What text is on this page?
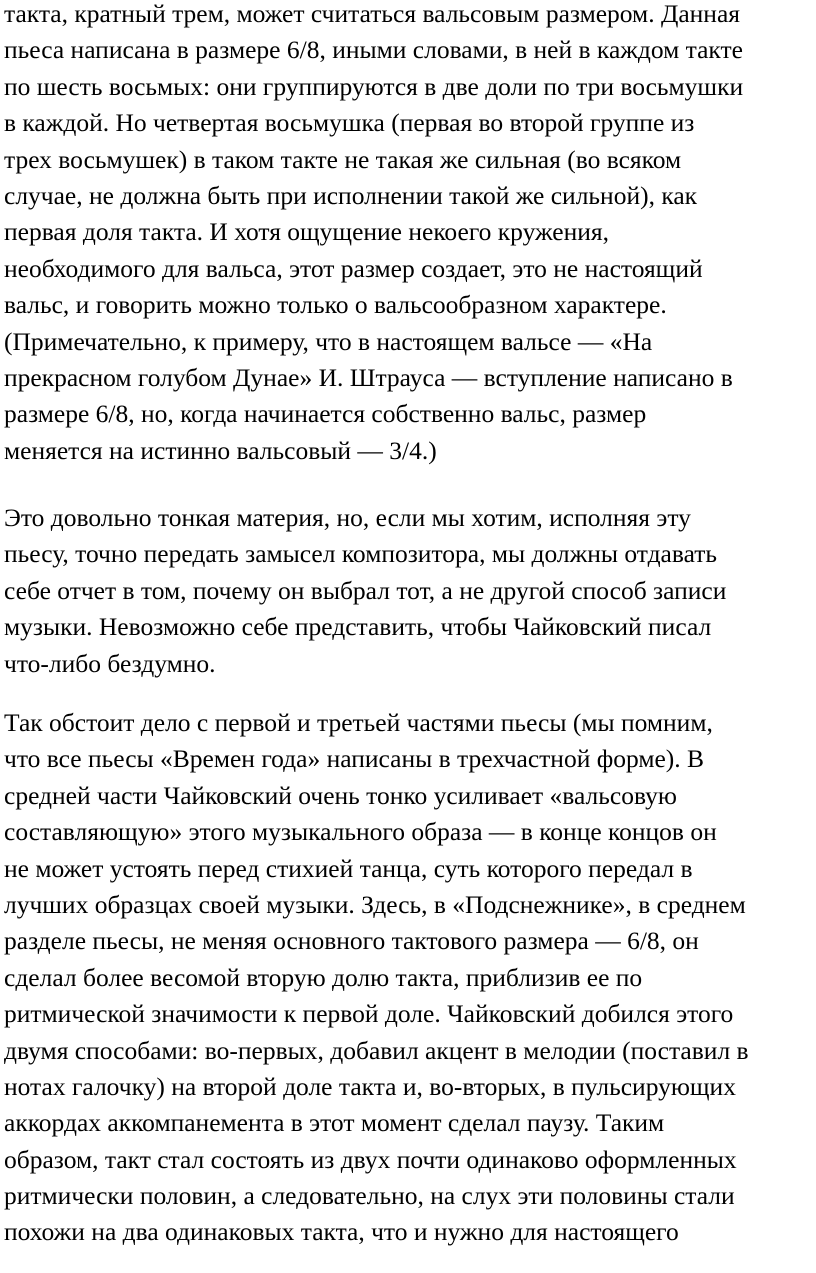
такта, кратный трем, может считаться вальсовым размером. Данная
пьеса написана в размере 6/8, иными словами, в ней в каждом такте
по шесть восьмых: они группируются в две доли по три восьмушки
в каждой. Но четвертая восьмушка (первая во второй группе из
трех восьмушек) в таком такте не такая же сильная (во всяком
случае, не должна быть при исполнении такой же сильной), как
первая доля такта. И хотя ощущение некоего кружения,
необходимого для вальса, этот размер создает, это не настоящий
вальс, и говорить можно только о вальсообразном характере.
(Примечательно, к примеру, что в настоящем вальсе — «На
прекрасном голубом Дунае» И. Штрауса — вступление написано в
размере 6/8, но, когда начинается собственно вальс, размер
меняется на истинно вальсовый — 3/4.)

Это довольно тонкая материя, но, если мы хотим, исполняя эту
пьесу, точно передать замысел композитора, мы должны отдавать
себе отчет в том, почему он выбрал тот, а не другой способ записи
музыки. Невозможно себе представить, чтобы Чайковский писал
что-либо бездумно.

Так обстоит дело с первой и третьей частями пьесы (мы помним,
что все пьесы «Времен года» написаны в трехчастной форме). В
средней части Чайковский очень тонко усиливает «вальсовую
составляющую» этого музыкального образа — в конце концов он
не может устоять перед стихией танца, суть которого передал в
лучших образцах своей музыки. Здесь, в «Подснежнике», в среднем
разделе пьесы, не меняя основного тактового размера — 6/8, он
сделал более весомой вторую долю такта, приблизив ее по
ритмической значимости к первой доле. Чайковский добился этого
двумя способами: во-первых, добавил акцент в мелодии (поставил в
нотах галочку) на второй доле такта и, во-вторых, в пульсирующих
аккордах аккомпанемента в этот момент сделал паузу. Таким
образом, такт стал состоять из двух почти одинаково оформленных
ритмически половин, а следовательно, на слух эти половины стали
похожи на два одинаковых такта, что и нужно для настоящего
